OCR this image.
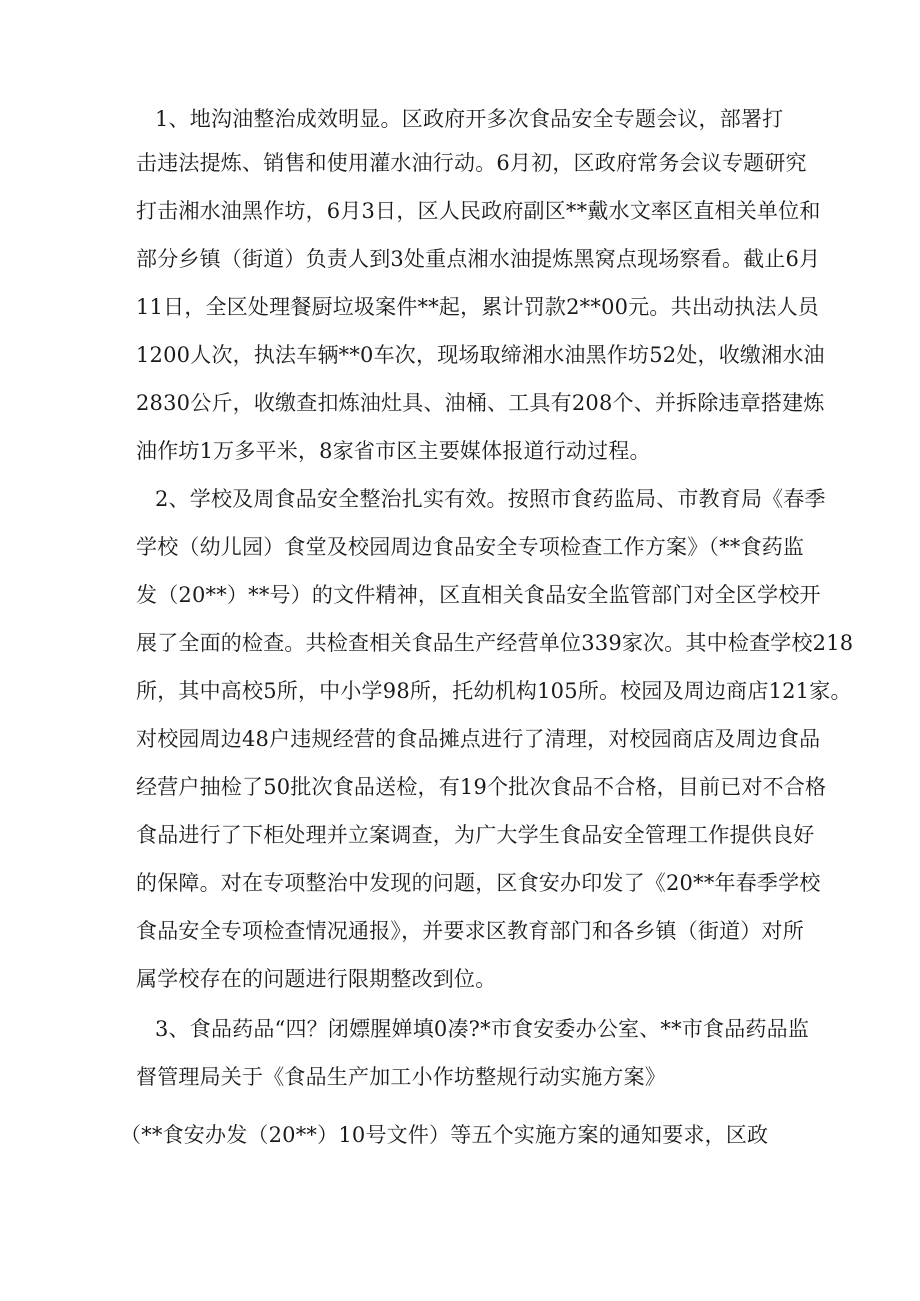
1、地沟油整治成效明显。区政府开多次食品安全专题会议，部署打
击违法提炼、销售和使用灌水油行动。6月初，区政府常务会议专题研究
打击湘水油黑作坊，6月3日，区人民政府副区**戴水文率区直相关单位和
部分乡镇（街道）负责人到3处重点湘水油提炼黑窝点现场察看。截止6月
11日，全区处理餐厨垃圾案件**起，累计罚款2**00元。共出动执法人员
1200人次，执法车辆**0车次，现场取缔湘水油黑作坊52处，收缴湘水油
2830公斤，收缴查扣炼油灶具、油桶、工具有208个、并拆除违章搭建炼
油作坊1万多平米，8家省市区主要媒体报道行动过程。
2、学校及周食品安全整治扎实有效。按照市食药监局、市教育局《春季
学校（幼儿园）食堂及校园周边食品安全专项检查工作方案》（**食药监
发（20**）**号）的文件精神，区直相关食品安全监管部门对全区学校开
展了全面的检查。共检查相关食品生产经营单位339家次。其中检查学校218
所，其中高校5所，中小学98所，托幼机构105所。校园及周边商店121家。
对校园周边48户违规经营的食品摊点进行了清理，对校园商店及周边食品
经营户抽检了50批次食品送检，有19个批次食品不合格，目前已对不合格
食品进行了下柜处理并立案调查，为广大学生食品安全管理工作提供良好
的保障。对在专项整治中发现的问题，区食安办印发了《20**年春季学校
食品安全专项检查情况通报》，并要求区教育部门和各乡镇（街道）对所
属学校存在的问题进行限期整改到位。
3、食品药品“四？闭嫖腥婵填0凑?*市食安委办公室、**市食品药品监
督管理局关于《食品生产加工小作坊整规行动实施方案》
（**食安办发（20**）10号文件）等五个实施方案的通知要求，区政
